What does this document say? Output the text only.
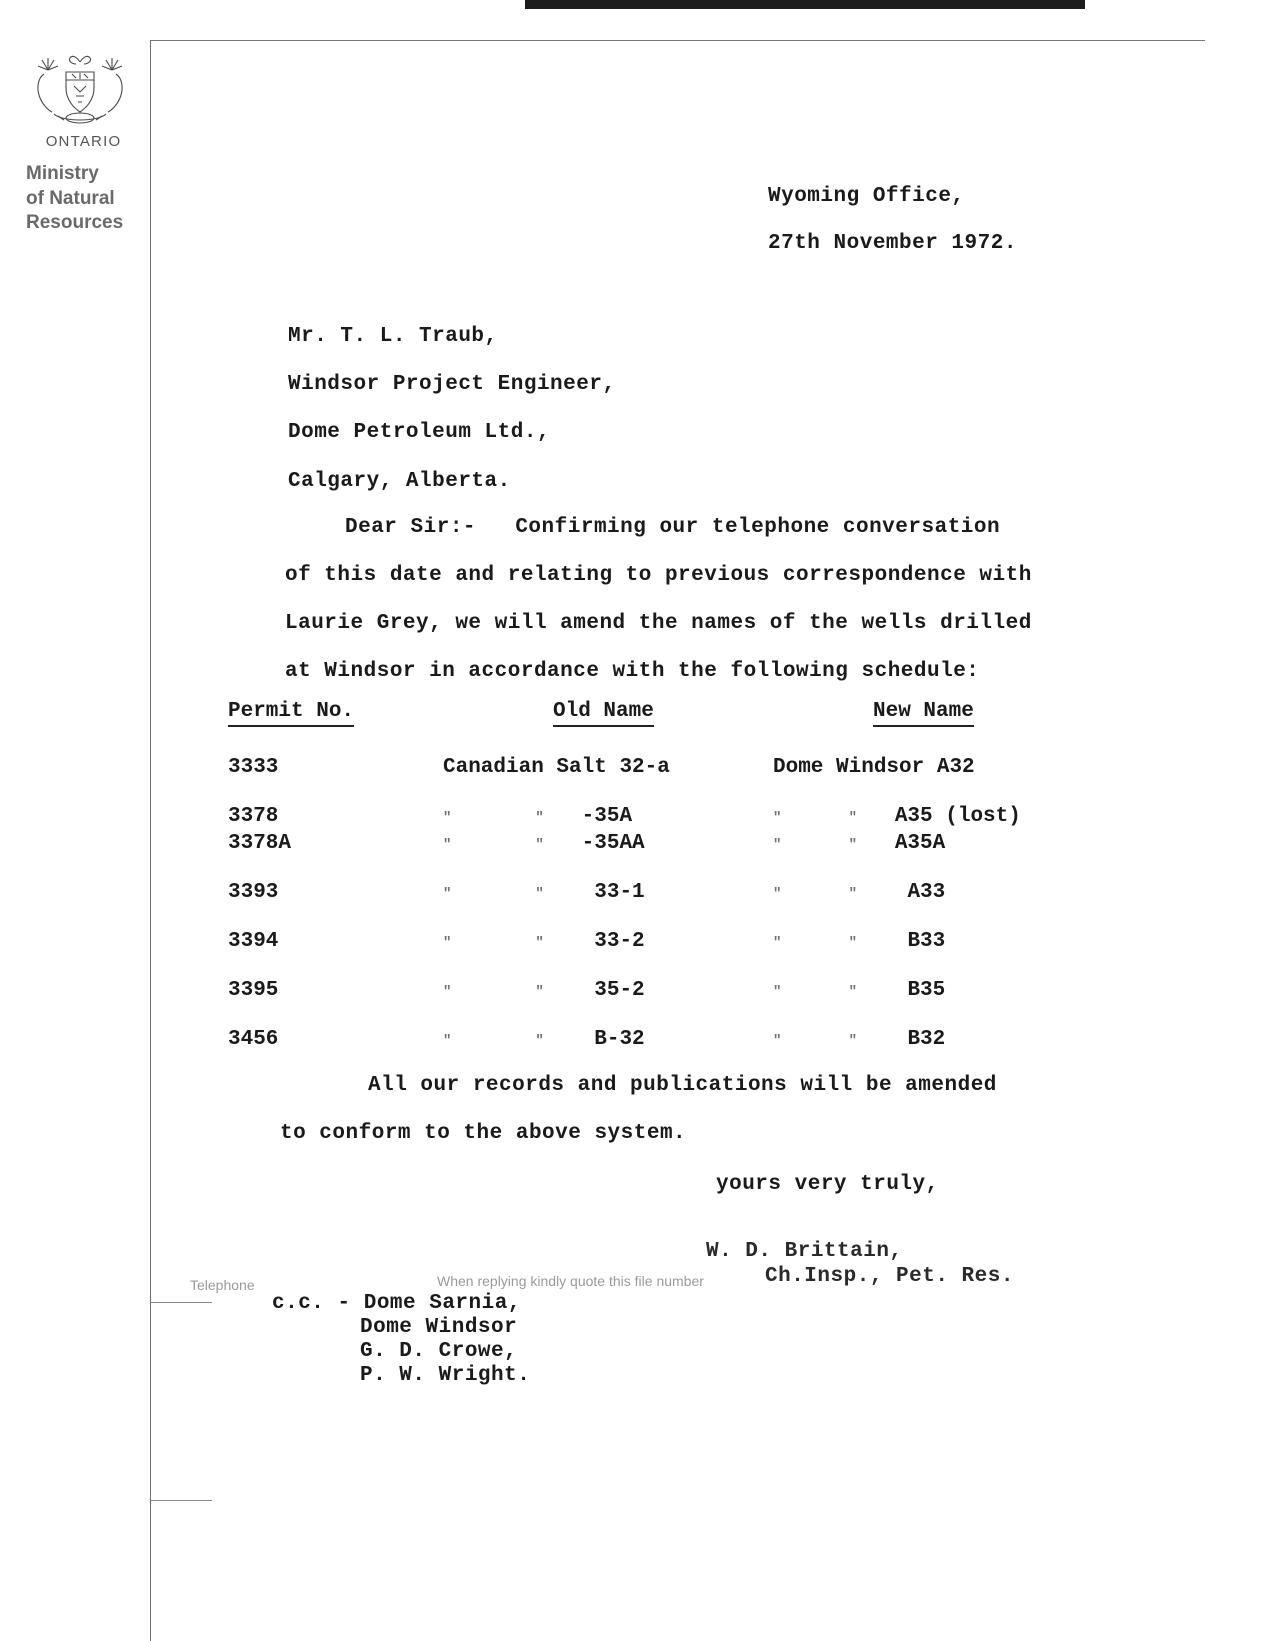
ONTARIO
Ministry
of Natural
Resources
Wyoming Office,
27th November 1972.
Mr. T. L. Traub,
Windsor Project Engineer,
Dome Petroleum Ltd.,
Calgary, Alberta.
Dear Sir:-   Confirming our telephone conversation
of this date and relating to previous correspondence with
Laurie Grey, we will amend the names of the wells drilled
at Windsor in accordance with the following schedule:
Permit No.	Old Name	New Name
3333	Canadian Salt 32-a	Dome Windsor A32
3378	"          " -35A	"        " A35 (lost)
3378A	"          " -35AA	"        " A35A
3393	"          " 33-1	"        " A33
3394	"          " 33-2	"        " B33
3395	"          " 35-2	"        " B35
3456	"          " B-32	"        " B32
All our records and publications will be amended
to conform to the above system.
yours very truly,
W. D. Brittain,
Ch.Insp., Pet. Res.
Telephone	When replying kindly quote this file number
c.c. - Dome Sarnia,
Dome Windsor
G. D. Crowe,
P. W. Wright.
